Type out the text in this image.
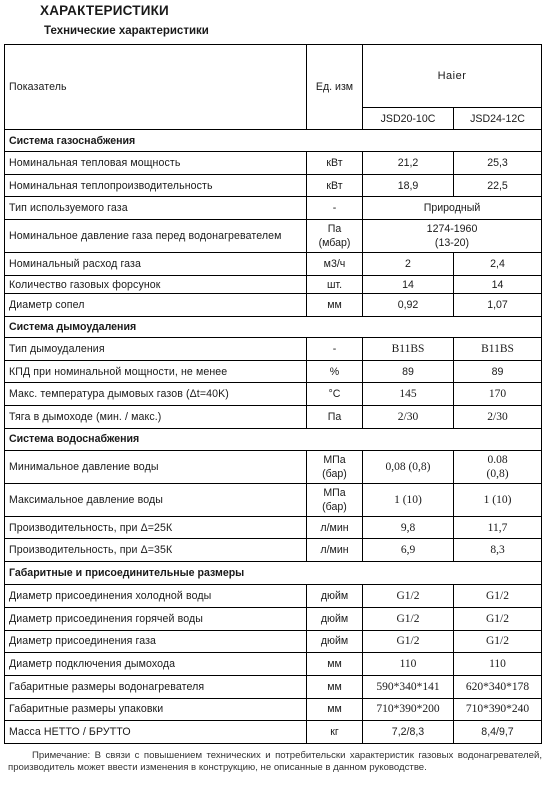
ХАРАКТЕРИСТИКИ
Технические характеристики
Показатель	Ед. изм	Haier	
		JSD20-10C	JSD24-12C
Система газоснабжения			
Номинальная тепловая мощность	кВт	21,2	25,3
Номинальная теплопроизводительность	кВт	18,9	22,5
Тип используемого газа	-	Природный	
Номинальное давление газа перед водонагревателем	Па (мбар)	1274-1960 (13-20)	
Номинальный расход газа	м3/ч	2	2,4
Количество газовых форсунок	шт.	14	14
Диаметр сопел	мм	0,92	1,07
Система дымоудаления			
Тип дымоудаления	-	B11BS	B11BS
КПД при номинальной мощности, не менее	%	89	89
Макс. температура дымовых газов (Δt=40K)	°C	145	170
Тяга в дымоходе (мин. / макс.)	Па	2/30	2/30
Система водоснабжения			
Минимальное давление воды	МПа (бар)	0,08 (0,8)	0.08 (0,8)
Максимальное давление воды	МПа (бар)	1 (10)	1 (10)
Производительность, при Δ=25К	л/мин	9,8	11,7
Производительность, при Δ=35К	л/мин	6,9	8,3
Габаритные и присоединительные размеры			
Диаметр присоединения холодной воды	дюйм	G1/2	G1/2
Диаметр присоединения горячей воды	дюйм	G1/2	G1/2
Диаметр присоединения газа	дюйм	G1/2	G1/2
Диаметр подключения дымохода	мм	110	110
Габаритные размеры водонагревателя	мм	590*340*141	620*340*178
Габаритные размеры упаковки	мм	710*390*200	710*390*240
Масса НЕТТО / БРУТТО	кг	7,2/8,3	8,4/9,7
Примечание: В связи с повышением технических и потребительски характеристик газовых водонагревателей, производитель может ввести изменения в конструкцию, не описанные в данном руководстве.
